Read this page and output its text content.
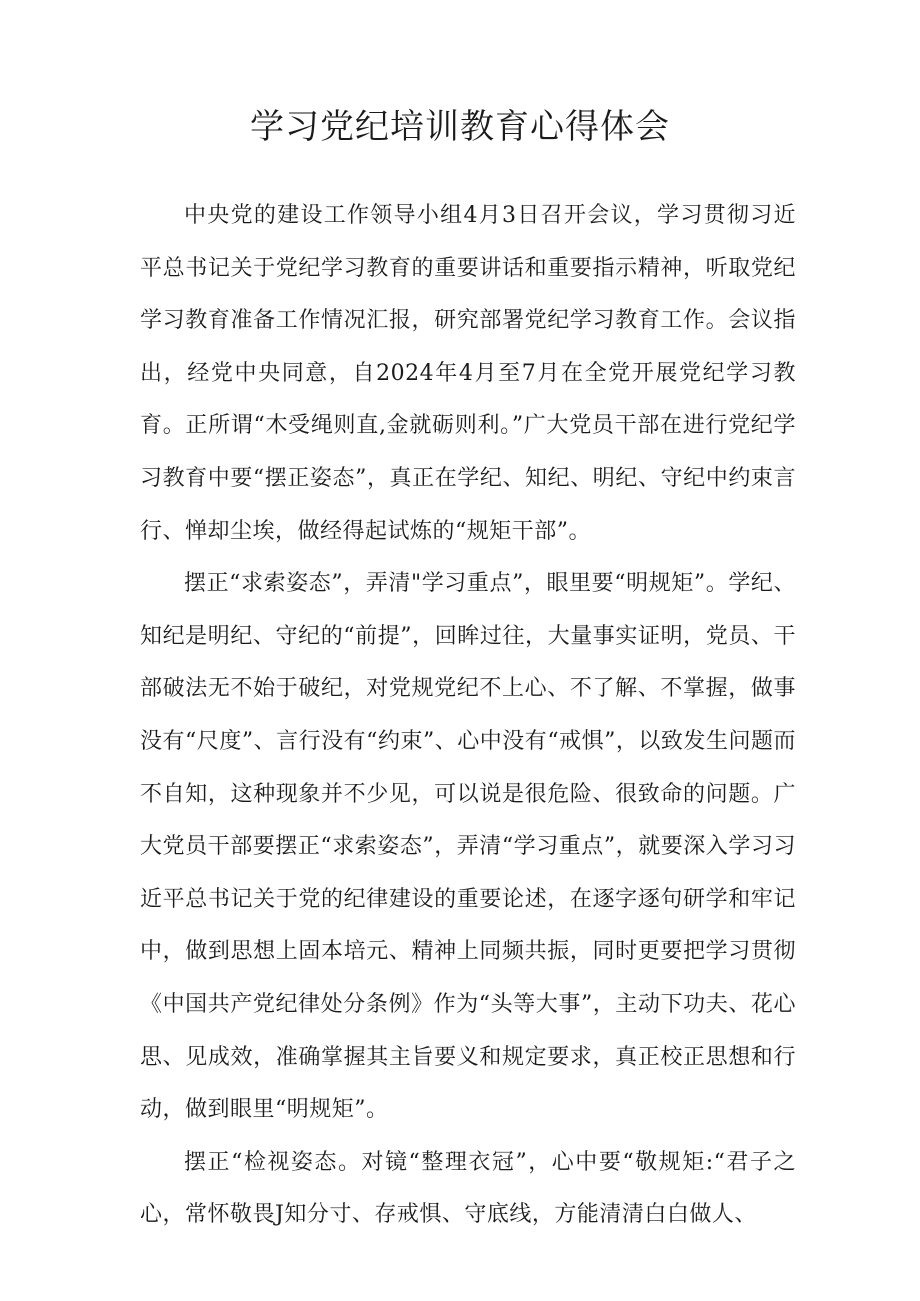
学习党纪培训教育心得体会

中央党的建设工作领导小组4月3日召开会议，学习贯彻习近平总书记关于党纪学习教育的重要讲话和重要指示精神，听取党纪学习教育准备工作情况汇报，研究部署党纪学习教育工作。会议指出，经党中央同意，自2024年4月至7月在全党开展党纪学习教育。正所谓“木受绳则直,金就砺则利。”广大党员干部在进行党纪学习教育中要“摆正姿态”，真正在学纪、知纪、明纪、守纪中约束言行、惮却尘埃，做经得起试炼的“规矩干部”。

摆正“求索姿态”，弄清"学习重点”，眼里要“明规矩”。学纪、知纪是明纪、守纪的“前提”，回眸过往，大量事实证明，党员、干部破法无不始于破纪，对党规党纪不上心、不了解、不掌握，做事没有“尺度”、言行没有“约束”、心中没有“戒惧”，以致发生问题而不自知，这种现象并不少见，可以说是很危险、很致命的问题。广大党员干部要摆正“求索姿态”，弄清“学习重点”，就要深入学习习近平总书记关于党的纪律建设的重要论述，在逐字逐句研学和牢记中，做到思想上固本培元、精神上同频共振，同时更要把学习贯彻《中国共产党纪律处分条例》作为“头等大事”，主动下功夫、花心思、见成效，准确掌握其主旨要义和规定要求，真正校正思想和行动，做到眼里“明规矩”。

摆正“检视姿态。对镜“整理衣冠”，心中要“敬规矩:“君子之心，常怀敬畏J知分寸、存戒惧、守底线，方能清清白白做人、
